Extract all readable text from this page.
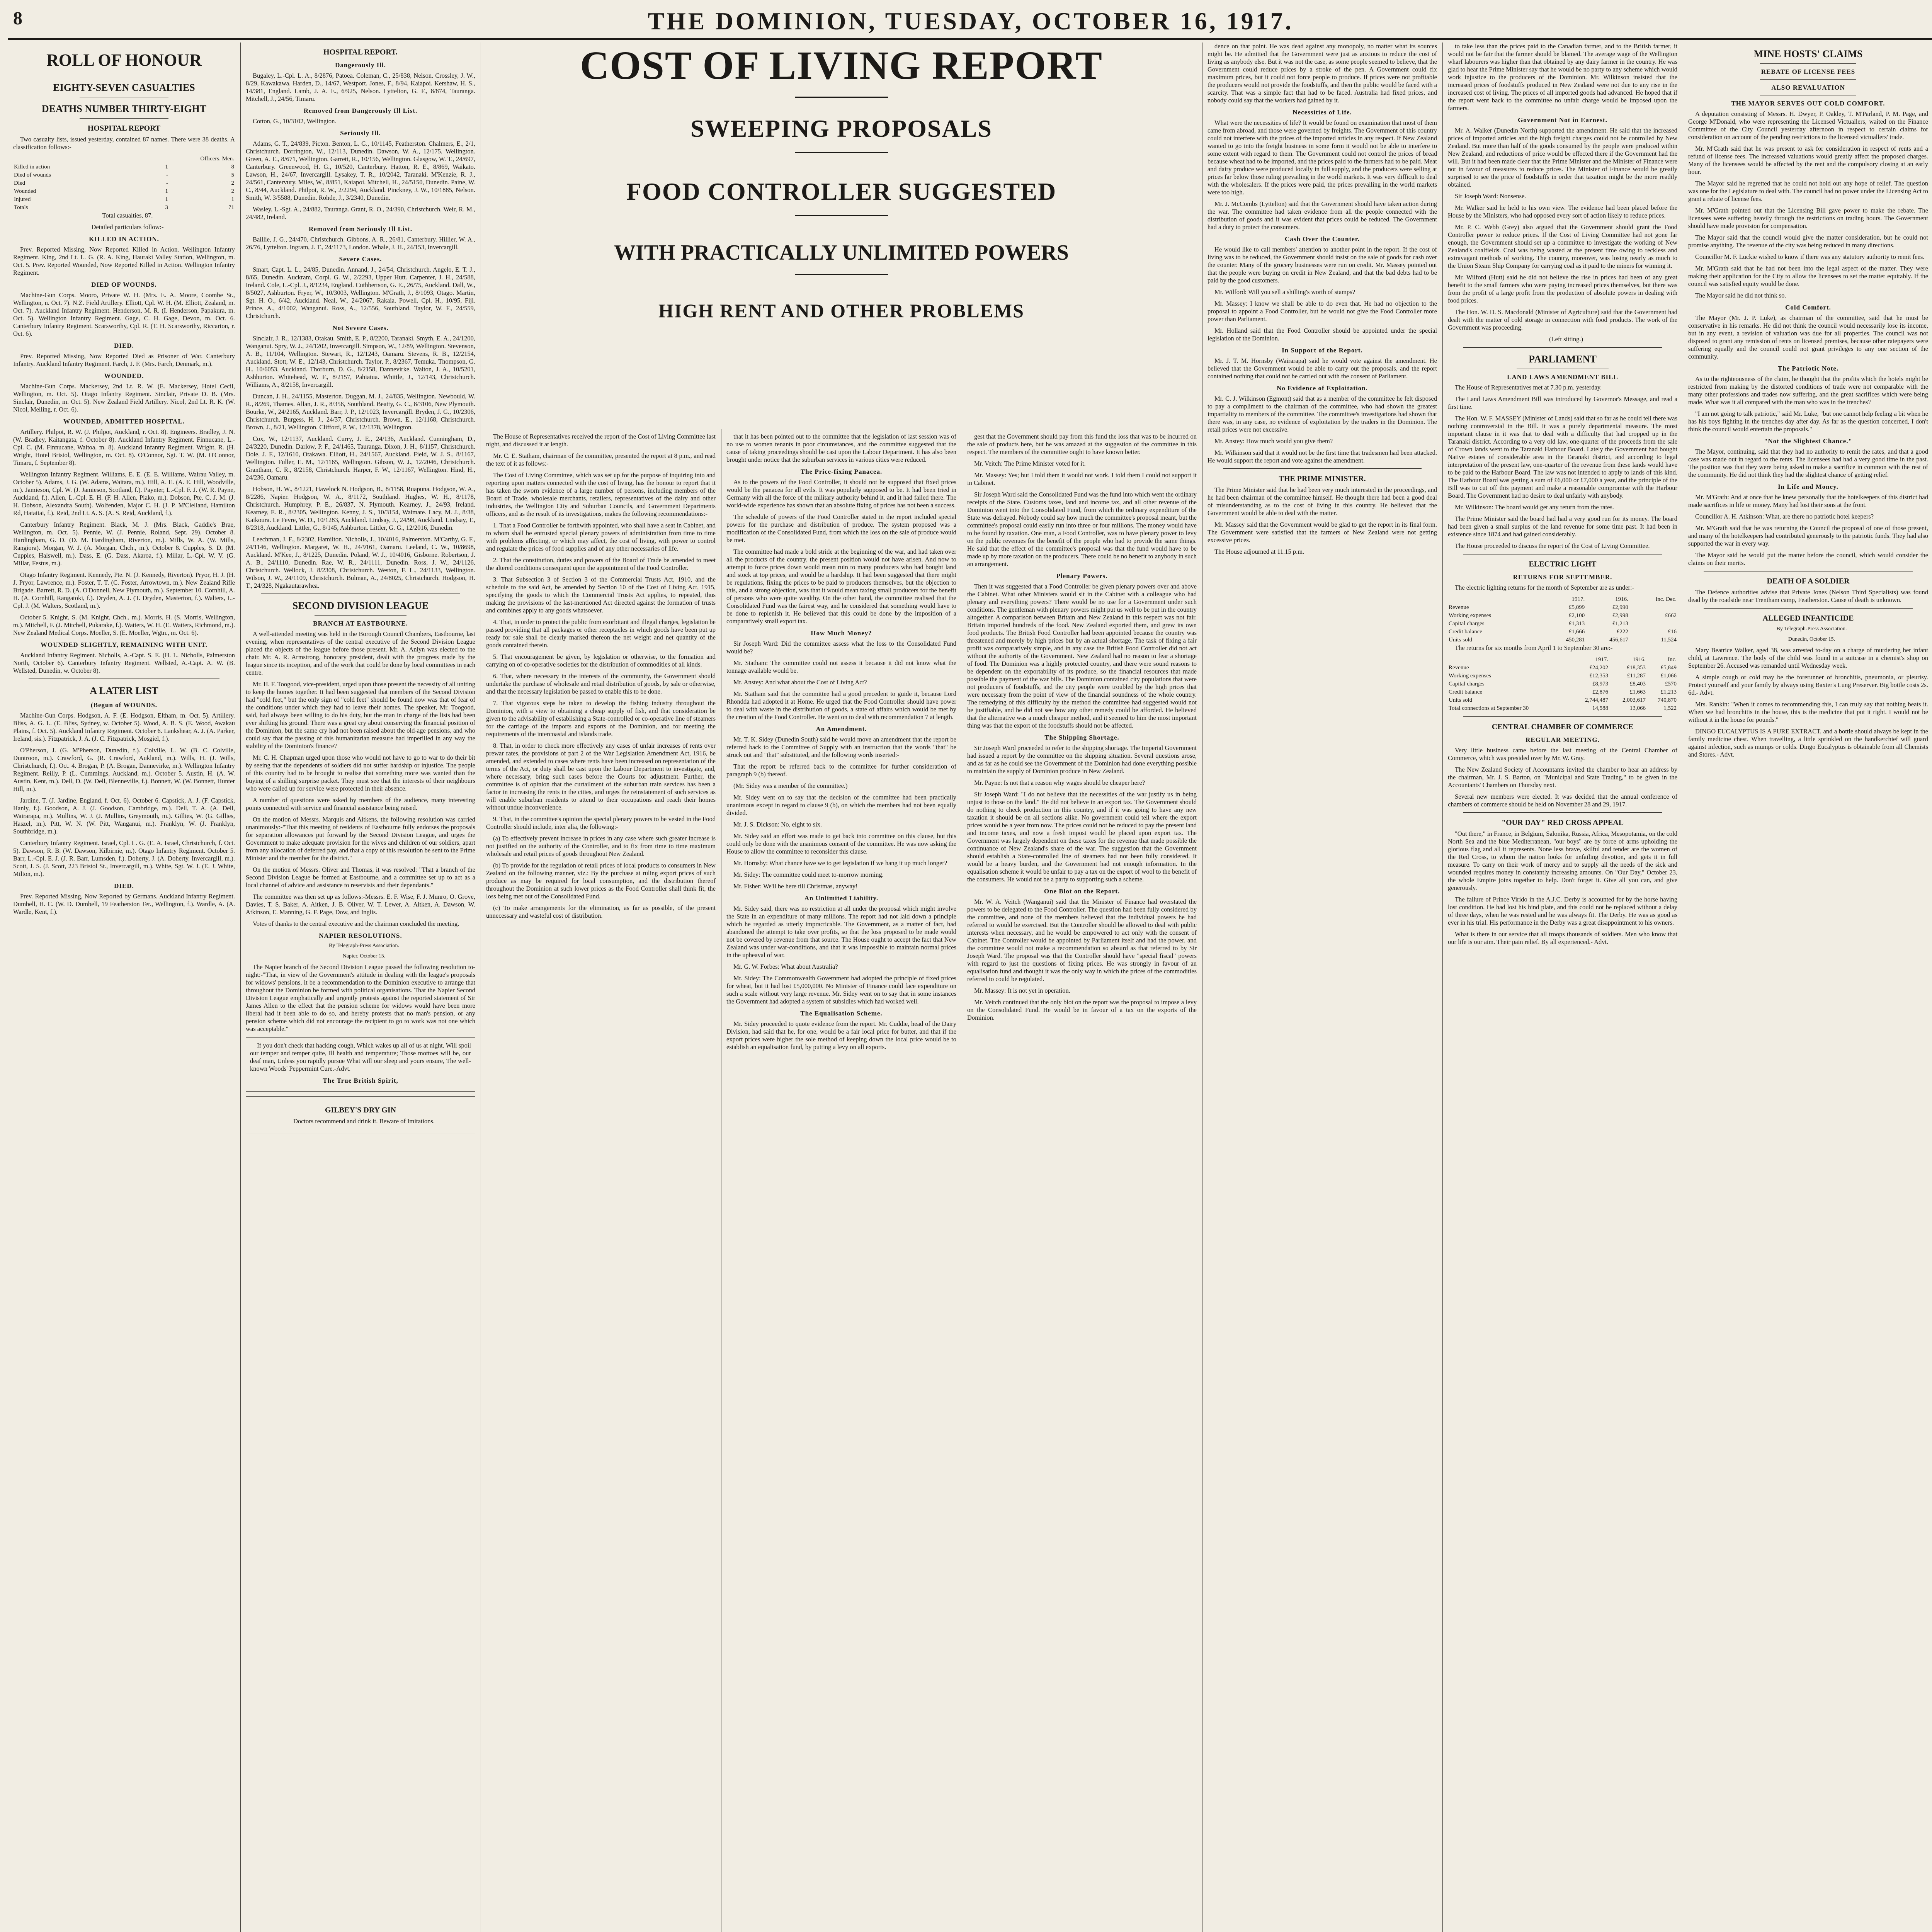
8	THE DOMINION, TUESDAY, OCTOBER 16, 1917.
ROLL OF HONOUR
EIGHTY-SEVEN CASUALTIES
DEATHS NUMBER THIRTY-EIGHT
HOSPITAL REPORT

Two casualty lists, issued yesterday, contained 87 names. There were 38 deaths. A classification follows:-

	Officers. Men.	
Killed in action	1	8
Died of wounds	-	5
Died	-	2
Wounded	1	2
Injured	1	1
Totals	3	71

Total casualties, 87.

Detailed particulars follow:-

KILLED IN ACTION.

Prev. Reported Missing, Now Reported Killed in Action. Wellington Infantry Regiment. King, 2nd Lt. L. G. (R. A. King, Hauraki Valley Station, Wellington, m. Oct. 5. Prev. Reported Wounded, Now Reported Killed in Action. Wellington Infantry Regiment.

DIED OF WOUNDS.

Machine-Gun Corps. Mooro, Private W. H. (Mrs. E. A. Moore, Coombe St., Wellington, n. Oct. 7). N.Z. Field Artillery. Elliott, Cpl. W. H. (M. Elliott, Zealand, m. Oct. 7). Auckland Infantry Regiment. Henderson, M. R. (I. Henderson, Papakura, m. Oct. 5). Wellington Infantry Regiment. Gage, C. H. Gage, Devon, m. Oct. 6. Canterbury Infantry Regiment. Scarsworthy, Cpl. R. (T. H. Scarsworthy, Riccarton, r. Oct. 6).

DIED.

Prev. Reported Missing, Now Reported Died as Prisoner of War. Canterbury Infantry. Auckland Infantry Regiment. Farch, J. F. (Mrs. Farch, Denmark, m.).

WOUNDED.

Machine-Gun Corps. Mackersey, 2nd Lt. R. W. (E. Mackersey, Hotel Cecil, Wellington, m. Oct. 5). Otago Infantry Regiment. Sinclair, Private D. B. (Mrs. Sinclair, Dunedin, m. Oct. 5). New Zealand Field Artillery. Nicol, 2nd Lt. R. K. (W. Nicol, Melling, r. Oct. 6).

WOUNDED, ADMITTED HOSPITAL.

Artillery. Philpot, R. W. (J. Philpot, Auckland, r. Oct. 8). Engineers. Bradley, J. N. (W. Bradley, Kaitangata, f. October 8). Auckland Infantry Regiment. Finnucane, L.-Cpl. C. (M. Finnucane, Waitoa, m. 8). Auckland Infantry Regiment. Wright, R. (H. Wright, Hotel Bristol, Wellington, m. Oct. 8). O'Connor, Sgt. T. W. (M. O'Connor, Timaru, f. September 8).

Wellington Infantry Regiment. Williams, E. E. (E. E. Williams, Wairau Valley, m. October 5). Adams, J. G. (W. Adams, Waitara, m.). Hill, A. E. (A. E. Hill, Woodville, m.). Jamieson, Cpl. W. (J. Jamieson, Scotland, f.). Paynter, L.-Cpl. F. J. (W. R. Payne, Auckland, f.). Allen, L.-Cpl. E. H. (F. H. Allen, Piako, m.). Dobson, Pte. C. J. M. (J. H. Dobson, Alexandra South). Wolfenden, Major C. H. (J. P. M'Clelland, Hamilton Rd, Hataitai, f.). Reid, 2nd Lt. A. S. (A. S. Reid, Auckland, f.).

Canterbury Infantry Regiment. Black, M. J. (Mrs. Black, Gaddie's Brae, Wellington, m. Oct. 5). Pennie, W. (J. Pennie, Roland, Sept. 29). October 8. Hardingham, G. D. (D. M. Hardingham, Riverton, m.). Mills, W. A. (W. Mills, Rangiora). Morgan, W. J. (A. Morgan, Chch., m.). October 8. Cupples, S. D. (M. Cupples, Halswell, m.). Dass, E. (G. Dass, Akaroa, f.). Millar, L.-Cpl. W. V. (G. Millar, Festus, m.).

Otago Infantry Regiment. Kennedy, Pte. N. (J. Kennedy, Riverton). Pryor, H. J. (H. J. Pryor, Lawrence, m.). Foster, T. T. (C. Foster, Arrowtown, m.). New Zealand Rifle Brigade. Barrett, R. D. (A. O'Donnell, New Plymouth, m.). September 10. Cornhill, A. H. (A. Cornhill, Rangatoki, f.). Dryden, A. J. (T. Dryden, Masterton, f.). Walters, L.-Cpl. J. (M. Walters, Scotland, m.).

October 5. Knight, S. (M. Knight, Chch., m.). Morris, H. (S. Morris, Wellington, m.). Mitchell, F. (J. Mitchell, Pukarake, f.). Watters, W. H. (E. Watters, Richmond, m.). New Zealand Medical Corps. Moeller, S. (E. Moeller, Wgtn., m. Oct. 6).

WOUNDED SLIGHTLY, REMAINING WITH UNIT.

Auckland Infantry Regiment. Nicholls, A.-Capt. S. E. (H. L. Nicholls, Palmerston North, October 6). Canterbury Infantry Regiment. Wellsted, A.-Capt. A. W. (B. Wellsted, Dunedin, w. October 8).

A LATER LIST
(Begun of WOUNDS.

Machine-Gun Corps. Hodgson, A. F. (E. Hodgson, Eltham, m. Oct. 5). Artillery. Bliss, A. G. L. (E. Bliss, Sydney, w. October 5). Wood, A. B. S. (E. Wood, Awakau Plains, f. Oct. 5). Auckland Infantry Regiment. October 6. Lankshear, A. J. (A. Parker, Ireland, sis.). Fitzpatrick, J. A. (J. C. Fitzpatrick, Mosgiel, f.).

O'Pherson, J. (G. M'Pherson, Dunedin, f.). Colville, L. W. (B. C. Colville, Duntroon, m.). Crawford, G. (R. Crawford, Aukland, m.). Wills, H. (J. Wills, Christchurch, f.). Oct. 4. Brogan, P. (A. Brogan, Dannevirke, m.). Wellington Infantry Regiment. Reilly, P. (L. Cummings, Auckland, m.). October 5. Austin, H. (A. W. Austin, Kent, m.). Dell, D. (W. Dell, Blenneville, f.). Bonnett, W. (W. Bonnett, Hunter Hill, m.).

Jardine, T. (J. Jardine, England, f. Oct. 6). October 6. Capstick, A. J. (F. Capstick, Hanly, f.). Goodson, A. J. (J. Goodson, Cambridge, m.). Dell, T. A. (A. Dell, Wairarapa, m.). Mullins, W. J. (J. Mullins, Greymouth, m.). Gillies, W. (G. Gillies, Haszel, m.). Pitt, W. N. (W. Pitt, Wanganui, m.). Franklyn, W. (J. Franklyn, Southbridge, m.).

Canterbury Infantry Regiment. Israel, Cpl. L. G. (E. A. Israel, Christchurch, f. Oct. 5). Dawson, R. B. (W. Dawson, Kilbirnie, m.). Otago Infantry Regiment. October 5. Barr, L.-Cpl. E. J. (J. R. Barr, Lumsden, f.). Doherty, J. (A. Doherty, Invercargill, m.). Scott, J. S. (J. Scott, 223 Bristol St., Invercargill, m.). White, Sgt. W. J. (E. J. White, Milton, m.).

DIED.

Prev. Reported Missing, Now Reported by Germans. Auckland Infantry Regiment. Dumbell, H. C. (W. D. Dumbell, 19 Featherston Ter., Wellington, f.). Wardle, A. (A. Wardle, Kent, f.).

HOSPITAL REPORT.
Dangerously Ill.

Bugaley, L.-Cpl. L. A., 8/2876, Patoea. Coleman, C., 25/838, Nelson. Crossley, J. W., 8/29, Kawakawa. Harden, D., 14/67, Westport. Jones, F., 8/94, Kaiapoi. Kershaw, H. S., 14/381, England. Lamb, J. A. E., 6/925, Nelson. Lyttelton, G. F., 8/874, Tauranga. Mitchell, J., 24/56, Timaru.

Removed from Dangerously Ill List.

Cotton, G., 10/3102, Wellington.

Seriously Ill.

Adams, G. T., 24/839, Picton. Benton, L. G., 10/1145, Featherston. Chalmers, E., 2/1, Christchurch. Dorrington, W., 12/113, Dunedin. Dawson, W. A., 12/175, Wellington. Green, A. E., 8/671, Wellington. Garrett, R., 10/156, Wellington. Glasgow, W. T., 24/697, Canterbury. Greenwood, H. G., 10/520, Canterbury. Hatton, R. E., 8/869, Waikato. Lawson, H., 24/67, Invercargill. Lysakey, T. R., 10/2042, Taranaki. M'Kenzie, R. J., 24/561, Cantervury. Miles, W., 8/851, Kaiapoi. Mitchell, H., 24/5150, Dunedin. Paine, W. C., 8/44, Auckland. Philpot, R. W., 2/2294, Auckland. Pinckney, J. W., 10/1885, Nelson. Smith, W. 3/5588, Dunedin. Rohde, J., 3/2340, Dunedin.

Wasley, L.-Sgt. A., 24/882, Tauranga. Grant, R. O., 24/390, Christchurch. Weir, R. M., 24/482, Ireland.

Removed from Seriously Ill List.

Baillie, J. G., 24/470, Christchurch. Gibbons, A. R., 26/81, Canterbury. Hillier, W. A., 26/76, Lyttelton. Ingram, J. T., 24/1173, London. Whale, J. H., 24/153, Invercargill.

Severe Cases.

Smart, Capt. L. L., 24/85, Dunedin. Annand, J., 24/54, Christchurch. Angelo, E. T. J., 8/65, Dunedin. Auckram, Corpl. G. W., 2/2293, Upper Hutt. Carpenter, J. H., 24/588, Ireland. Cole, L.-Cpl. J., 8/1234, England. Cuthbertson, G. E., 26/75, Auckland. Dall, W., 8/5027, Ashburton. Fryer, W., 10/3003, Wellington. M'Grath, J., 8/1093, Otago. Martin, Sgt. H. O., 6/42, Auckland. Neal, W., 24/2067, Rakaia. Powell, Cpl. H., 10/95, Fiji. Prince, A., 4/1002, Wanganui. Ross, A., 12/556, Southland. Taylor, W. F., 24/559, Christchurch.

Not Severe Cases.

Sinclair, J. R., 12/1383, Otakau. Smith, E. P., 8/2200, Taranaki. Smyth, E. A., 24/1200, Wanganui. Spry, W. J., 24/1202, Invercargill. Simpson, W., 12/89, Wellington. Stevenson, A. B., 11/104, Wellington. Stewart, R., 12/1243, Oamaru. Stevens, R. B., 12/2154, Auckland. Stott, W. E., 12/143, Christchurch. Taylor, P., 8/2367, Temuka. Thompson, G. H., 10/6053, Auckland. Thorburn, D. G., 8/2158, Dannevirke. Walton, J. A., 10/5201, Ashburton. Whitehead, W. F., 8/2157, Pahiatua. Whittle, J., 12/143, Christchurch. Williams, A., 8/2158, Invercargill.

Duncan, J. H., 24/1155, Masterton. Duggan, M. J., 24/835, Wellington. Newbould, W. R., 8/269, Thames. Allan, J. R., 8/356, Southland. Beatty, G. C., 8/3106, New Plymouth. Bourke, W., 24/2165, Auckland. Barr, J. P., 12/1023, Invercargill. Bryden, J. G., 10/2306, Christchurch. Burgess, H. J., 24/37, Christchurch. Brown, E., 12/1168, Christchurch. Brown, J., 8/21, Wellington. Clifford, P. W., 12/1378, Wellington.

Cox, W., 12/1137, Auckland. Curry, J. E., 24/136, Auckland. Cunningham, D., 24/3220, Dunedin. Darlow, P. F., 24/1465, Tauranga. Dixon, J. H., 8/1157, Christchurch. Dole, J. F., 12/1610, Otakawa. Elliott, H., 24/1567, Auckland. Field, W. J. S., 8/1167, Wellington. Fuller, E. M., 12/1165, Wellington. Gibson, W. J., 12/2046, Christchurch. Grantham, C. R., 8/2158, Christchurch. Harper, F. W., 12/1167, Wellington. Hind, H., 24/236, Oamaru.

Hobson, H. W., 8/1221, Havelock N. Hodgson, B., 8/1158, Ruapuna. Hodgson, W. A., 8/2286, Napier. Hodgson, W. A., 8/1172, Southland. Hughes, W. H., 8/1178, Christchurch. Humphrey, P. E., 26/837, N. Plymouth. Kearney, J., 24/93, Ireland. Kearney, E. R., 8/2305, Wellington. Kenny, J. S., 10/3154, Waimate. Lacy, M. J., 8/38, Kaikoura. Le Fevre, W. D., 10/1283, Auckland. Lindsay, J., 24/98, Auckland. Lindsay, T., 8/2318, Auckland. Littler, G., 8/145, Ashburton. Littler, G. G., 12/2016, Dunedin.

Leechman, J. F., 8/2302, Hamilton. Nicholls, J., 10/4016, Palmerston. M'Carthy, G. F., 24/1146, Wellington. Margaret, W. H., 24/9161, Oamaru. Leeland, C. W., 10/8698, Auckland. M'Kee, J., 8/1225, Dunedin. Poland, W. J., 10/4016, Gisborne. Robertson, J. A. B., 24/1110, Dunedin. Rae, W. R., 24/1111, Dunedin. Ross, J. W., 24/1126, Christchurch. Wellock, J. 8/2308, Christchurch. Weston, F. L., 24/1133, Wellington. Wilson, J. W., 24/1109, Christchurch. Bulman, A., 24/8025, Christchurch. Hodgson, H. T., 24/328, Ngakautarawhea.

SECOND DIVISION LEAGUE
BRANCH AT EASTBOURNE.

A well-attended meeting was held in the Borough Council Chambers, Eastbourne, last evening, when representatives of the central executive of the Second Division League placed the objects of the league before those present. Mr. A. Anlyn was elected to the chair. Mr. A. R. Armstrong, honorary president, dealt with the progress made by the league since its inception, and of the work that could be done by local committees in each centre.

Mr. H. F. Toogood, vice-president, urged upon those present the necessity of all uniting to keep the homes together. It had been suggested that members of the Second Division had "cold feet," but the only sign of "cold feet" should be found now was that of fear of the conditions under which they had to leave their homes. The speaker, Mr. Toogood, said, had always been willing to do his duty, but the man in charge of the lists had been ever shifting his ground. There was a great cry about conserving the financial position of the Dominion, but the same cry had not been raised about the old-age pensions, and who could say that the passing of this humanitarian measure had imperilled in any way the stability of the Dominion's finance?

Mr. C. H. Chapman urged upon those who would not have to go to war to do their bit by seeing that the dependents of soldiers did not suffer hardship or injustice. The people of this country had to be brought to realise that something more was wanted than the buying of a shilling surprise packet. They must see that the interests of their neighbours who were called up for service were protected in their absence.

A number of questions were asked by members of the audience, many interesting points connected with service and financial assistance being raised.

On the motion of Messrs. Marquis and Aitkens, the following resolution was carried unanimously:-"That this meeting of residents of Eastbourne fully endorses the proposals for separation allowances put forward by the Second Division League, and urges the Government to make adequate provision for the wives and children of our soldiers, apart from any allocation of deferred pay, and that a copy of this resolution be sent to the Prime Minister and the member for the district."

On the motion of Messrs. Oliver and Thomas, it was resolved: "That a branch of the Second Division League be formed at Eastbourne, and a committee set up to act as a local channel of advice and assistance to reservists and their dependants."

The committee was then set up as follows:-Messrs. E. F. Wise, F. J. Munro, O. Grove, Davies, T. S. Baker, A. Aitken, J. B. Oliver, W. T. Lewer, A. Aitken, A. Dawson, W. Atkinson, E. Manning, G. F. Page, Dow, and Inglis.

Votes of thanks to the central executive and the chairman concluded the meeting.

NAPIER RESOLUTIONS.

By Telegraph-Press Association.

Napier, October 15.

The Napier branch of the Second Division League passed the following resolution to-night:-"That, in view of the Government's attitude in dealing with the league's proposals for widows' pensions, it be a recommendation to the Dominion executive to arrange that throughout the Dominion be formed with political organisations. That the Napier Second Division League emphatically and urgently protests against the reported statement of Sir James Allen to the effect that the pension scheme for widows would have been more liberal had it been able to do so, and hereby protests that no man's pension, or any pension scheme which did not encourage the recipient to go to work was not one which was acceptable."

If you don't check that hacking cough, Which wakes up all of us at night, Will spoil our temper and temper quite, Ill health and temperature; Those mottoes will be, our deaf man, Unless you rapidly pursue What will our sleep and yours ensure, The well-known Woods' Peppermint Cure.-Advt.

The True British Spirit,
GILBEY'S DRY GIN

Doctors recommend and drink it. Beware of Imitations.

COST OF LIVING REPORT
SWEEPING PROPOSALS
FOOD CONTROLLER SUGGESTED
WITH PRACTICALLY UNLIMITED POWERS
HIGH RENT AND OTHER PROBLEMS

The House of Representatives received the report of the Cost of Living Committee last night, and discussed it at length.

Mr. C. E. Statham, chairman of the committee, presented the report at 8 p.m., and read the text of it as follows:-

The Cost of Living Committee, which was set up for the purpose of inquiring into and reporting upon matters connected with the cost of living, has the honour to report that it has taken the sworn evidence of a large number of persons, including members of the Board of Trade, wholesale merchants, retailers, representatives of the dairy and other industries, the Wellington City and Suburban Councils, and Government Departments officers, and as the result of its investigations, makes the following recommendations:-

1. That a Food Controller be forthwith appointed, who shall have a seat in Cabinet, and to whom shall be entrusted special plenary powers of administration from time to time with problems affecting, or which may affect, the cost of living, with power to control and regulate the prices of food supplies and of any other necessaries of life.

2. That the constitution, duties and powers of the Board of Trade be amended to meet the altered conditions consequent upon the appointment of the Food Controller.

3. That Subsection 3 of Section 3 of the Commercial Trusts Act, 1910, and the schedule to the said Act, be amended by Section 10 of the Cost of Living Act, 1915, specifying the goods to which the Commercial Trusts Act applies, to repeated, thus making the provisions of the last-mentioned Act directed against the formation of trusts and combines apply to any goods whatsoever.

4. That, in order to protect the public from exorbitant and illegal charges, legislation be passed providing that all packages or other receptacles in which goods have been put up ready for sale shall be clearly marked thereon the net weight and net quantity of the goods contained therein.

5. That encouragement be given, by legislation or otherwise, to the formation and carrying on of co-operative societies for the distribution of commodities of all kinds.

6. That, where necessary in the interests of the community, the Government should undertake the purchase of wholesale and retail distribution of goods, by sale or otherwise, and that the necessary legislation be passed to enable this to be done.

7. That vigorous steps be taken to develop the fishing industry throughout the Dominion, with a view to obtaining a cheap supply of fish, and that consideration be given to the advisability of establishing a State-controlled or co-operative line of steamers for the carriage of the imports and exports of the Dominion, and for meeting the requirements of the intercoastal and islands trade.

8. That, in order to check more effectively any cases of unfair increases of rents over prewar rates, the provisions of part 2 of the War Legislation Amendment Act, 1916, be amended, and extended to cases where rents have been increased on representation of the terms of the Act, or duty shall be cast upon the Labour Department to investigate, and, where necessary, bring such cases before the Courts for adjustment. Further, the committee is of opinion that the curtailment of the suburban train services has been a factor in increasing the rents in the cities, and urges the reinstatement of such services as will enable suburban residents to attend to their occupations and reach their homes without undue inconvenience.

9. That, in the committee's opinion the special plenary powers to be vested in the Food Controller should include, inter alia, the following:-

(a) To effectively prevent increase in prices in any case where such greater increase is not justified on the authority of the Controller, and to fix from time to time maximum wholesale and retail prices of goods throughout New Zealand.

(b) To provide for the regulation of retail prices of local products to consumers in New Zealand on the following manner, viz.: By the purchase at ruling export prices of such produce as may be required for local consumption, and the distribution thereof throughout the Dominion at such lower prices as the Food Controller shall think fit, the loss being met out of the Consolidated Fund.

(c) To make arrangements for the elimination, as far as possible, of the present unnecessary and wasteful cost of distribution.

that it has been pointed out to the committee that the legislation of last session was of no use to women tenants in poor circumstances, and the committee suggested that the cause of taking proceedings should be cast upon the Labour Department. It has also been brought under notice that the suburban services in various cities were reduced.

The Price-fixing Panacea.

As to the powers of the Food Controller, it should not be supposed that fixed prices would be the panacea for all evils. It was popularly supposed to be. It had been tried in Germany with all the force of the military authority behind it, and it had failed there. The world-wide experience has shown that an absolute fixing of prices has not been a success.

The schedule of powers of the Food Controller stated in the report included special powers for the purchase and distribution of produce. The system proposed was a modification of the Consolidated Fund, from which the loss on the sale of produce would be met.

The committee had made a bold stride at the beginning of the war, and had taken over all the products of the country, the present position would not have arisen. And now to attempt to force prices down would mean ruin to many producers who had bought land and stock at top prices, and would be a hardship. It had been suggested that there might be regulations, fixing the prices to be paid to producers themselves, but the objection to this, and a strong objection, was that it would mean taxing small producers for the benefit of persons who were quite wealthy. On the other hand, the committee realised that the Consolidated Fund was the fairest way, and he considered that something would have to be done to replenish it. He believed that this could be done by the imposition of a comparatively small export tax.

How Much Money?

Sir Joseph Ward: Did the committee assess what the loss to the Consolidated Fund would be?

Mr. Statham: The committee could not assess it because it did not know what the tonnage available would be.

Mr. Anstey: And what about the Cost of Living Act?

Mr. Statham said that the committee had a good precedent to guide it, because Lord Rhondda had adopted it at Home. He urged that the Food Controller should have power to deal with waste in the distribution of goods, a state of affairs which would be met by the creation of the Food Controller. He went on to deal with recommendation 7 at length.

An Amendment.

Mr. T. K. Sidey (Dunedin South) said he would move an amendment that the report be referred back to the Committee of Supply with an instruction that the words "that" be struck out and "that" substituted, and the following words inserted:-

That the report be referred back to the committee for further consideration of paragraph 9 (b) thereof.

(Mr. Sidey was a member of the committee.)

Mr. Sidey went on to say that the decision of the committee had been practically unanimous except in regard to clause 9 (b), on which the members had not been equally divided.

Mr. J. S. Dickson: No, eight to six.

Mr. Sidey said an effort was made to get back into committee on this clause, but this could only be done with the unanimous consent of the committee. He was now asking the House to allow the committee to reconsider this clause.

Mr. Hornsby: What chance have we to get legislation if we hang it up much longer?

Mr. Sidey: The committee could meet to-morrow morning.

Mr. Fisher: We'll be here till Christmas, anyway!

An Unlimited Liability.

Mr. Sidey said, there was no restriction at all under the proposal which might involve the State in an expenditure of many millions. The report had not laid down a principle which he regarded as utterly impracticable. The Government, as a matter of fact, had abandoned the attempt to take over profits, so that the loss proposed to be made would not be covered by revenue from that source. The House ought to accept the fact that New Zealand was under war-conditions, and that it was impossible to maintain normal prices in the upheaval of war.

Mr. G. W. Forbes: What about Australia?

Mr. Sidey: The Commonwealth Government had adopted the principle of fixed prices for wheat, but it had lost £5,000,000. No Minister of Finance could face expenditure on such a scale without very large revenue. Mr. Sidey went on to say that in some instances the Government had adopted a system of subsidies which had worked well.

The Equalisation Scheme.

Mr. Sidey proceeded to quote evidence from the report. Mr. Cuddie, head of the Dairy Division, had said that he, for one, would be a fair local price for butter, and that if the export prices were higher the sole method of keeping down the local price would be to establish an equalisation fund, by putting a levy on all exports.

gest that the Government should pay from this fund the loss that was to be incurred on the sale of products here, but he was amazed at the suggestion of the committee in this respect. The members of the committee ought to have known better.

Mr. Veitch: The Prime Minister voted for it.

Mr. Massey: Yes; but I told them it would not work. I told them I could not support it in Cabinet.

Sir Joseph Ward said the Consolidated Fund was the fund into which went the ordinary receipts of the State. Customs taxes, land and income tax, and all other revenue of the Dominion went into the Consolidated Fund, from which the ordinary expenditure of the State was defrayed. Nobody could say how much the committee's proposal meant, but the committee's proposal could easily run into three or four millions. The money would have to be found by taxation. One man, a Food Controller, was to have plenary power to levy on the public revenues for the benefit of the people who had to provide the same things. He said that the effect of the committee's proposal was that the fund would have to be made up by more taxation on the producers. There could be no benefit to anybody in such an arrangement.

Plenary Powers.

Then it was suggested that a Food Controller be given plenary powers over and above the Cabinet. What other Ministers would sit in the Cabinet with a colleague who had plenary and everything powers? There would be no use for a Government under such conditions. The gentleman with plenary powers might put us well to be put in the country altogether. A comparison between Britain and New Zealand in this respect was not fair. Britain imported hundreds of the food. New Zealand exported them, and grew its own food products. The British Food Controller had been appointed because the country was threatened and merely by high prices but by an actual shortage. The task of fixing a fair profit was comparatively simple, and in any case the British Food Controller did not act without the authority of the Government. New Zealand had no reason to fear a shortage of food. The Dominion was a highly protected country, and there were sound reasons to be dependent on the exportability of its produce, so the financial resources that made possible the payment of the war bills. The Dominion contained city populations that were not producers of foodstuffs, and the city people were troubled by the high prices that were necessary from the point of view of the financial soundness of the whole country. The remedying of this difficulty by the method the committee had suggested would not be justifiable, and he did not see how any other remedy could be afforded. He believed that the alternative was a much cheaper method, and it seemed to him the most important thing was that the export of the foodstuffs should not be affected.

The Shipping Shortage.

Sir Joseph Ward proceeded to refer to the shipping shortage. The Imperial Government had issued a report by the committee on the shipping situation. Several questions arose, and as far as he could see the Government of the Dominion had done everything possible to maintain the supply of Dominion produce in New Zealand.

Mr. Payne: Is not that a reason why wages should be cheaper here?

Sir Joseph Ward: "I do not believe that the necessities of the war justify us in being unjust to those on the land." He did not believe in an export tax. The Government should do nothing to check production in this country, and if it was going to have any new taxation it should be on all sections alike. No government could tell where the export prices would be a year from now. The prices could not be reduced to pay the present land and income taxes, and now a fresh impost would be placed upon export tax. The Government was largely dependent on these taxes for the revenue that made possible the continuance of New Zealand's share of the war. The suggestion that the Government should establish a State-controlled line of steamers had not been fully considered. It would be a heavy burden, and the Government had not enough information. In the equalisation scheme it would be unfair to pay a tax on the export of wool to the benefit of the consumers. He would not be a party to supporting such a scheme.

One Blot on the Report.

Mr. W. A. Veitch (Wanganui) said that the Minister of Finance had overstated the powers to be delegated to the Food Controller. The question had been fully considered by the committee, and none of the members believed that the individual powers he had referred to would be exercised. But the Controller should be allowed to deal with public interests when necessary, and he would be empowered to act only with the consent of Cabinet. The Controller would be appointed by Parliament itself and had the power, and the committee would not make a recommendation so absurd as that referred to by Sir Joseph Ward. The proposal was that the Controller should have "special fiscal" powers with regard to just the questions of fixing prices. He was strongly in favour of an equalisation fund and thought it was the only way in which the prices of the commodities referred to could be regulated.

Mr. Massey: It is not yet in operation.

Mr. Veitch continued that the only blot on the report was the proposal to impose a levy on the Consolidated Fund. He would be in favour of a tax on the exports of the Dominion.

dence on that point. He was dead against any monopoly, no matter what its sources might be. He admitted that the Government were just as anxious to reduce the cost of living as anybody else. But it was not the case, as some people seemed to believe, that the Government could reduce prices by a stroke of the pen. A Government could fix maximum prices, but it could not force people to produce. If prices were not profitable the producers would not provide the foodstuffs, and then the public would be faced with a scarcity. That was a simple fact that had to be faced. Australia had fixed prices, and nobody could say that the workers had gained by it.

Necessities of Life.

What were the necessities of life? It would be found on examination that most of them came from abroad, and those were governed by freights. The Government of this country could not interfere with the prices of the imported articles in any respect. If New Zealand wanted to go into the freight business in some form it would not be able to interfere to some extent with regard to them. The Government could not control the prices of bread because wheat had to be imported, and the prices paid to the farmers had to be paid. Meat and dairy produce were produced locally in full supply, and the producers were selling at prices far below those ruling prevailing in the world markets. It was very difficult to deal with the wholesalers. If the prices were paid, the prices prevailing in the world markets were too high.

Mr. J. McCombs (Lyttelton) said that the Government should have taken action during the war. The committee had taken evidence from all the people connected with the distribution of goods and it was evident that prices could be reduced. The Government had a duty to protect the consumers.

Cash Over the Counter.

He would like to call members' attention to another point in the report. If the cost of living was to be reduced, the Government should insist on the sale of goods for cash over the counter. Many of the grocery businesses were run on credit. Mr. Massey pointed out that the people were buying on credit in New Zealand, and that the bad debts had to be paid by the good customers.

Mr. Wilford: Will you sell a shilling's worth of stamps?

Mr. Massey: I know we shall be able to do even that. He had no objection to the proposal to appoint a Food Controller, but he would not give the Food Controller more power than Parliament.

Mr. Holland said that the Food Controller should be appointed under the special legislation of the Dominion.

In Support of the Report.

Mr. J. T. M. Hornsby (Wairarapa) said he would vote against the amendment. He believed that the Government would be able to carry out the proposals, and the report contained nothing that could not be carried out with the consent of Parliament.

No Evidence of Exploitation.

Mr. C. J. Wilkinson (Egmont) said that as a member of the committee he felt disposed to pay a compliment to the chairman of the committee, who had shown the greatest impartiality to members of the committee. The committee's investigations had shown that there was, in any case, no evidence of exploitation by the traders in the Dominion. The retail prices were not excessive.

Mr. Anstey: How much would you give them?

Mr. Wilkinson said that it would not be the first time that tradesmen had been attacked. He would support the report and vote against the amendment.

THE PRIME MINISTER.

The Prime Minister said that he had been very much interested in the proceedings, and he had been chairman of the committee himself. He thought there had been a good deal of misunderstanding as to the cost of living in this country. He believed that the Government would be able to deal with the matter.

Mr. Massey said that the Government would be glad to get the report in its final form. The Government were satisfied that the farmers of New Zealand were not getting excessive prices.

The House adjourned at 11.15 p.m.

to take less than the prices paid to the Canadian farmer, and to the British farmer, it would not be fair that the farmer should be blamed. The average wage of the Wellington wharf labourers was higher than that obtained by any dairy farmer in the country. He was glad to hear the Prime Minister say that he would be no party to any scheme which would work injustice to the producers of the Dominion. Mr. Wilkinson insisted that the increased prices of foodstuffs produced in New Zealand were not due to any rise in the increased cost of living. The prices of all imported goods had advanced. He hoped that if the report went back to the committee no unfair charge would be imposed upon the farmers.

Government Not in Earnest.

Mr. A. Walker (Dunedin North) supported the amendment. He said that the increased prices of imported articles and the high freight charges could not be controlled by New Zealand. But more than half of the goods consumed by the people were produced within New Zealand, and reductions of price would be effected there if the Government had the will. But it had been made clear that the Prime Minister and the Minister of Finance were not in favour of measures to reduce prices. The Minister of Finance would be greatly surprised to see the price of foodstuffs in order that taxation might be the more readily obtained.

Sir Joseph Ward: Nonsense.

Mr. Walker said he held to his own view. The evidence had been placed before the House by the Ministers, who had opposed every sort of action likely to reduce prices.

Mr. P. C. Webb (Grey) also argued that the Government should grant the Food Controller power to reduce prices. If the Cost of Living Committee had not gone far enough, the Government should set up a committee to investigate the working of New Zealand's coalfields. Coal was being wasted at the present time owing to reckless and extravagant methods of working. The country, moreover, was losing nearly as much to the Union Steam Ship Company for carrying coal as it paid to the miners for winning it.

Mr. Wilford (Hutt) said he did not believe the rise in prices had been of any great benefit to the small farmers who were paying increased prices themselves, but there was from the profit of a large profit from the production of absolute powers in dealing with food prices.

The Hon. W. D. S. Macdonald (Minister of Agriculture) said that the Government had dealt with the matter of cold storage in connection with food products. The work of the Government was proceeding.

(Left sitting.)

PARLIAMENT
LAND LAWS AMENDMENT BILL

The House of Representatives met at 7.30 p.m. yesterday.

The Land Laws Amendment Bill was introduced by Governor's Message, and read a first time.

The Hon. W. F. MASSEY (Minister of Lands) said that so far as he could tell there was nothing controversial in the Bill. It was a purely departmental measure. The most important clause in it was that to deal with a difficulty that had cropped up in the Taranaki district. According to a very old law, one-quarter of the proceeds from the sale of Crown lands went to the Taranaki Harbour Board. Lately the Government had bought Native estates of considerable area in the Taranaki district, and according to legal interpretation of the present law, one-quarter of the revenue from these lands would have to be paid to the Harbour Board. The law was not intended to apply to lands of this kind. The Harbour Board was getting a sum of £6,000 or £7,000 a year, and the principle of the Bill was to cut off this payment and make a reasonable compromise with the Harbour Board. The Government had no desire to deal unfairly with anybody.

Mr. Wilkinson: The board would get any return from the rates.

The Prime Minister said the board had had a very good run for its money. The board had been given a small surplus of the land revenue for some time past. It had been in existence since 1874 and had gained considerably.

The House proceeded to discuss the report of the Cost of Living Committee.

ELECTRIC LIGHT
RETURNS FOR SEPTEMBER.

The electric lighting returns for the month of September are as under:-

	1917.	1916.	Inc. Dec.
Revenue	£5,099	£2,990	
Working expenses	£2,100	£2,998	£662
Capital charges	£1,313	£1,213	
Credit balance	£1,666	£222	£16
Units sold	450,281	456,617	11,524

The returns for six months from April 1 to September 30 are:-

	1917.	1916.	Inc.
Revenue	£24,202	£18,353	£5,849
Working expenses	£12,353	£11,287	£1,066
Capital charges	£8,973	£8,403	£570
Credit balance	£2,876	£1,663	£1,213
Units sold	2,744,487	2,003,617	740,870
Total connections at September 30	14,588	13,066	1,522
CENTRAL CHAMBER OF COMMERCE
REGULAR MEETING.

Very little business came before the last meeting of the Central Chamber of Commerce, which was presided over by Mr. W. Gray.

The New Zealand Society of Accountants invited the chamber to hear an address by the chairman, Mr. J. S. Barton, on "Municipal and State Trading," to be given in the Accountants' Chambers on Thursday next.

Several new members were elected. It was decided that the annual conference of chambers of commerce should be held on November 28 and 29, 1917.

"OUR DAY" RED CROSS APPEAL

"Out there," in France, in Belgium, Salonika, Russia, Africa, Mesopotamia, on the cold North Sea and the blue Mediterranean, "our boys" are by force of arms upholding the glorious flag and all it represents. None less brave, skilful and tender are the women of the Red Cross, to whom the nation looks for unfailing devotion, and gets it in full measure. To carry on their work of mercy and to supply all the needs of the sick and wounded requires money in constantly increasing amounts. On "Our Day," October 23, the whole Empire joins together to help. Don't forget it. Give all you can, and give generously.

The failure of Prince Virido in the A.J.C. Derby is accounted for by the horse having lost condition. He had lost his hind plate, and this could not be replaced without a delay of three days, when he was rested and he was always fit. The Derby. He was as good as ever in his trial. His performance in the Derby was a great disappointment to his owners.

What is there in our service that all troops thousands of soldiers. Men who know that our life is our aim. Their pain relief. By all experienced.- Advt.

MINE HOSTS' CLAIMS
REBATE OF LICENSE FEES
ALSO REVALUATION
THE MAYOR SERVES OUT COLD COMFORT.

A deputation consisting of Messrs. H. Dwyer, P. Oakley, T. M'Parland, P. M. Page, and George M'Donald, who were representing the Licensed Victuallers, waited on the Finance Committee of the City Council yesterday afternoon in respect to certain claims for consideration on account of the pending restrictions to the licensed victuallers' trade.

Mr. M'Grath said that he was present to ask for consideration in respect of rents and a refund of license fees. The increased valuations would greatly affect the proposed charges. Many of the licensees would be affected by the rent and the compulsory closing at an early hour.

The Mayor said he regretted that he could not hold out any hope of relief. The question was one for the Legislature to deal with. The council had no power under the Licensing Act to grant a rebate of license fees.

Mr. M'Grath pointed out that the Licensing Bill gave power to make the rebate. The licensees were suffering heavily through the restrictions on trading hours. The Government should have made provision for compensation.

The Mayor said that the council would give the matter consideration, but he could not promise anything. The revenue of the city was being reduced in many directions.

Councillor M. F. Luckie wished to know if there was any statutory authority to remit fees.

Mr. M'Grath said that he had not been into the legal aspect of the matter. They were making their application for the City to allow the licensees to set the matter equitably. If the council was satisfied equity would be done.

The Mayor said he did not think so.

Cold Comfort.

The Mayor (Mr. J. P. Luke), as chairman of the committee, said that he must be conservative in his remarks. He did not think the council would necessarily lose its income, but in any event, a revision of valuation was due for all properties. The council was not disposed to grant any remission of rents on licensed premises, because other ratepayers were suffering equally and the council could not grant privileges to any one section of the community.

The Patriotic Note.

As to the righteousness of the claim, he thought that the profits which the hotels might be restricted from making by the distorted conditions of trade were not comparable with the many other professions and trades now suffering, and the great sacrifices which were being made. What was it all compared with the man who was in the trenches?

"I am not going to talk patriotic," said Mr. Luke, "but one cannot help feeling a bit when he has his boys fighting in the trenches day after day. As far as the question concerned, I don't think the council would entertain the proposals."

"Not the Slightest Chance."

The Mayor, continuing, said that they had no authority to remit the rates, and that a good case was made out in regard to the rents. The licensees had had a very good time in the past. The position was that they were being asked to make a sacrifice in common with the rest of the community. He did not think they had the slightest chance of getting relief.

In Life and Money.

Mr. M'Grath: And at once that he knew personally that the hotelkeepers of this district had made sacrifices in life or money. Many had lost their sons at the front.

Councillor A. H. Atkinson: What, are there no patriotic hotel keepers?

Mr. M'Grath said that he was returning the Council the proposal of one of those present, and many of the hotelkeepers had contributed generously to the patriotic funds. They had also supported the war in every way.

The Mayor said he would put the matter before the council, which would consider the claims on their merits.

DEATH OF A SOLDIER

The Defence authorities advise that Private Jones (Nelson Third Specialists) was found dead by the roadside near Trentham camp, Featherston. Cause of death is unknown.

ALLEGED INFANTICIDE

By Telegraph-Press Association.

Dunedin, October 15.

Mary Beatrice Walker, aged 38, was arrested to-day on a charge of murdering her infant child, at Lawrence. The body of the child was found in a suitcase in a chemist's shop on September 26. Accused was remanded until Wednesday week.

A simple cough or cold may be the forerunner of bronchitis, pneumonia, or pleurisy. Protect yourself and your family by always using Baxter's Lung Preserver. Big bottle costs 2s. 6d.- Advt.

Mrs. Rankin: "When it comes to recommending this, I can truly say that nothing beats it. When we had bronchitis in the house, this is the medicine that put it right. I would not be without it in the house for pounds."

DINGO EUCALYPTUS IS A PURE EXTRACT, and a bottle should always be kept in the family medicine chest. When travelling, a little sprinkled on the handkerchief will guard against infection, such as mumps or colds. Dingo Eucalyptus is obtainable from all Chemists and Stores.- Advt.
